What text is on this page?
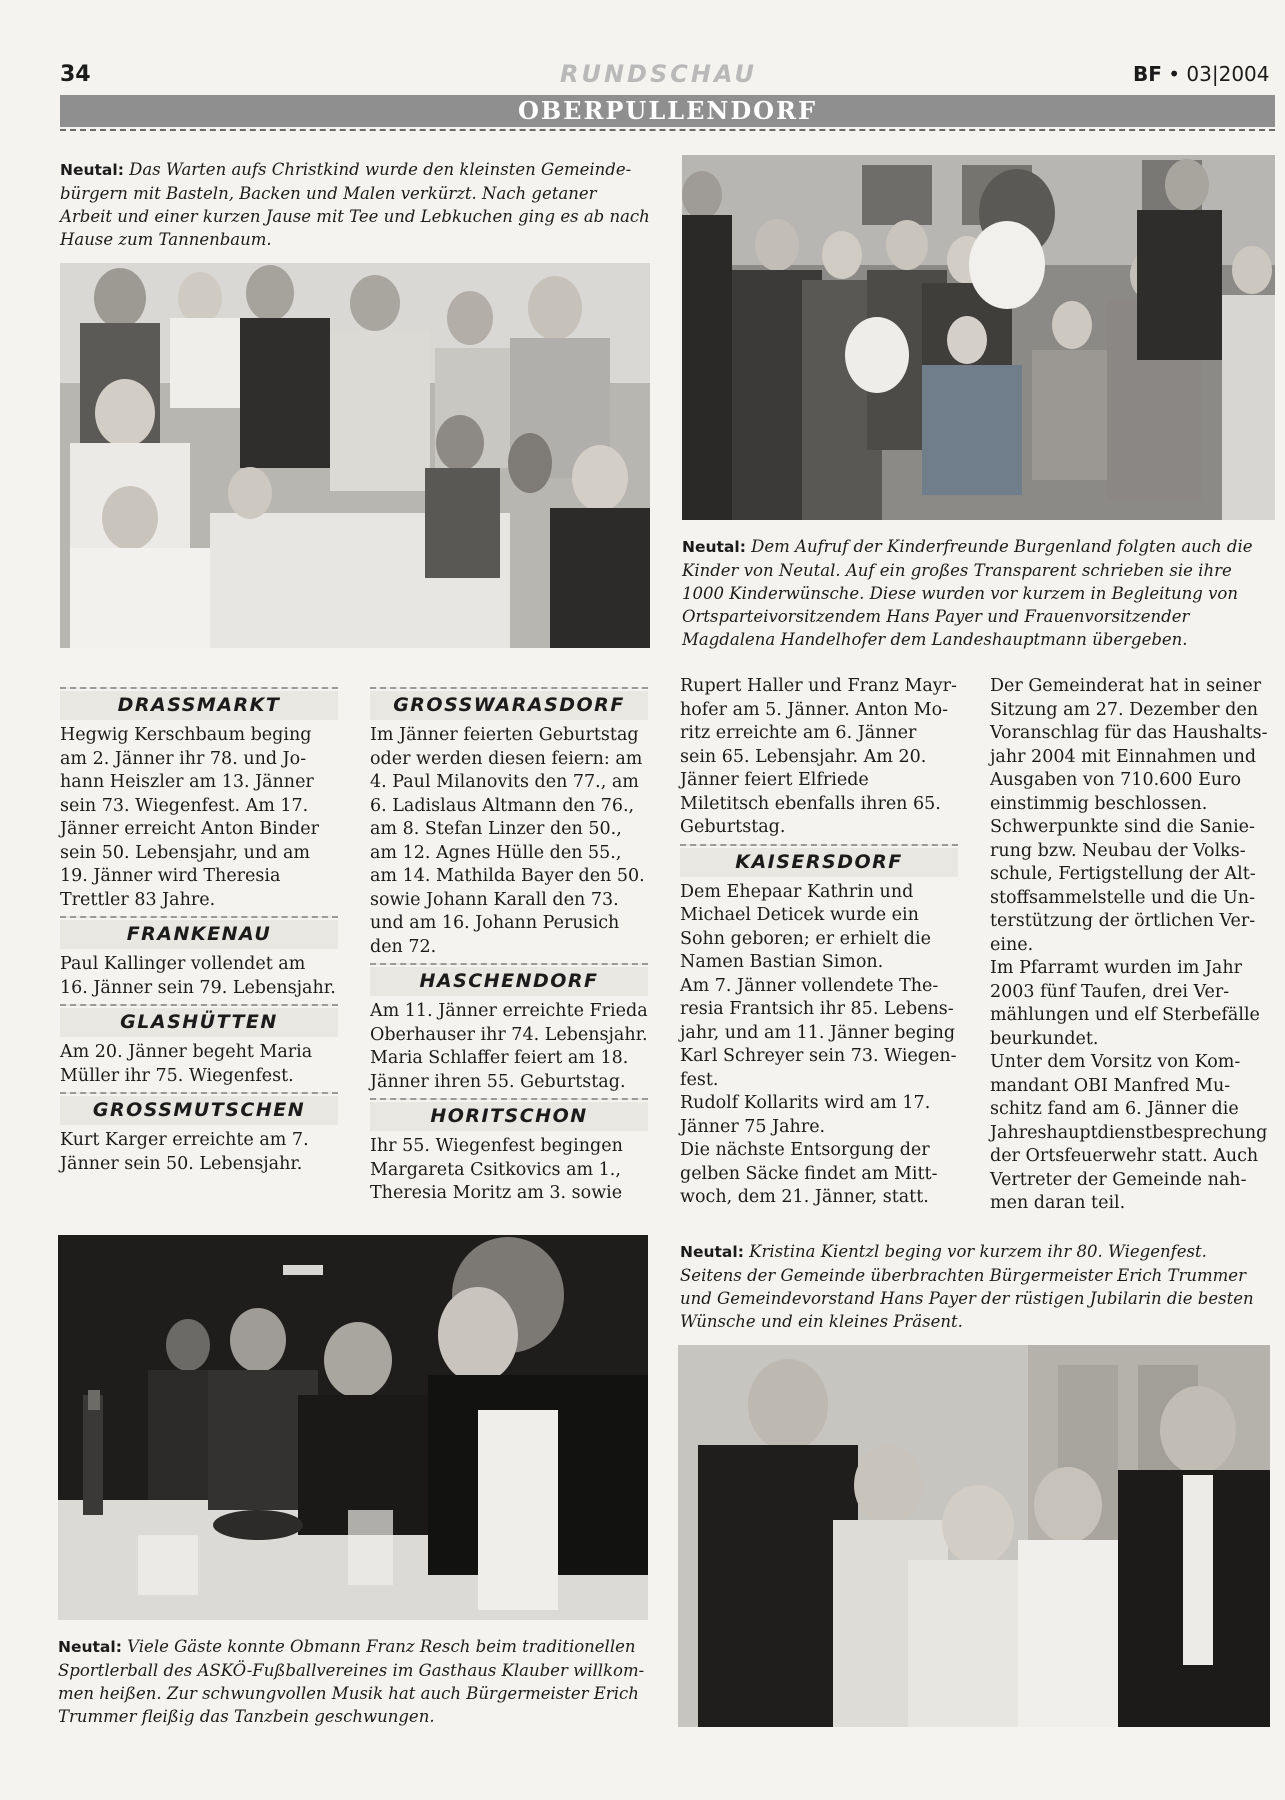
34	RUNDSCHAU	BF • 03|2004
OBERPULLENDORF
Neutal: Das Warten aufs Christkind wurde den kleinsten Gemeindebürgern mit Basteln, Backen und Malen verkürzt. Nach getaner Arbeit und einer kurzen Jause mit Tee und Lebkuchen ging es ab nach Hause zum Tannenbaum.
Neutal: Dem Aufruf der Kinderfreunde Burgenland folgten auch die Kinder von Neutal. Auf ein großes Transparent schrieben sie ihre 1000 Kinderwünsche. Diese wurden vor kurzem in Begleitung von Ortsparteivorsitzendem Hans Payer und Frauenvorsitzender Magdalena Handelhofer dem Landeshauptmann übergeben.
DRASSMARKT

Hegwig Kerschbaum beging am 2. Jänner ihr 78. und Johann Heiszler am 13. Jänner sein 73. Wiegenfest. Am 17. Jänner erreicht Anton Binder sein 50. Lebensjahr, und am 19. Jänner wird Theresia Trettler 83 Jahre.

FRANKENAU

Paul Kallinger vollendet am 16. Jänner sein 79. Lebensjahr.

GLASHÜTTEN

Am 20. Jänner begeht Maria Müller ihr 75. Wiegenfest.

GROSSMUTSCHEN

Kurt Karger erreichte am 7. Jänner sein 50. Lebensjahr.

GROSSWARASDORF

Im Jänner feierten Geburtstag oder werden diesen feiern: am 4. Paul Milanovits den 77., am 6. Ladislaus Altmann den 76., am 8. Stefan Linzer den 50., am 12. Agnes Hülle den 55., am 14. Mathilda Bayer den 50. sowie Johann Karall den 73. und am 16. Johann Perusich den 72.

HASCHENDORF

Am 11. Jänner erreichte Frieda Oberhauser ihr 74. Lebensjahr. Maria Schlaffer feiert am 18. Jänner ihren 55. Geburtstag.

HORITSCHON

Ihr 55. Wiegenfest begingen Margareta Csitkovics am 1., Theresia Moritz am 3. sowie

Rupert Haller und Franz Mayrhofer am 5. Jänner. Anton Moritz erreichte am 6. Jänner sein 65. Lebensjahr. Am 20. Jänner feiert Elfriede Miletitsch ebenfalls ihren 65. Geburtstag.

KAISERSDORF

Dem Ehepaar Kathrin und Michael Deticek wurde ein Sohn geboren; er erhielt die Namen Bastian Simon.

Am 7. Jänner vollendete Theresia Frantsich ihr 85. Lebensjahr, und am 11. Jänner beging Karl Schreyer sein 73. Wiegenfest.

Rudolf Kollarits wird am 17. Jänner 75 Jahre.

Die nächste Entsorgung der gelben Säcke findet am Mittwoch, dem 21. Jänner, statt.

Der Gemeinderat hat in seiner Sitzung am 27. Dezember den Voranschlag für das Haushaltsjahr 2004 mit Einnahmen und Ausgaben von 710.600 Euro einstimmig beschlossen.

Schwerpunkte sind die Sanierung bzw. Neubau der Volksschule, Fertigstellung der Altstoffsammelstelle und die Unterstützung der örtlichen Vereine.

Im Pfarramt wurden im Jahr 2003 fünf Taufen, drei Vermählungen und elf Sterbefälle beurkundet.

Unter dem Vorsitz von Kommandant OBI Manfred Muschitz fand am 6. Jänner die Jahreshauptdienstbesprechung der Ortsfeuerwehr statt. Auch Vertreter der Gemeinde nahmen daran teil.

Neutal: Viele Gäste konnte Obmann Franz Resch beim traditionellen Sportlerball des ASKÖ-Fußballvereines im Gasthaus Klauber willkommen heißen. Zur schwungvollen Musik hat auch Bürgermeister Erich Trummer fleißig das Tanzbein geschwungen.
Neutal: Kristina Kientzl beging vor kurzem ihr 80. Wiegenfest. Seitens der Gemeinde überbrachten Bürgermeister Erich Trummer und Gemeindevorstand Hans Payer der rüstigen Jubilarin die besten Wünsche und ein kleines Präsent.
